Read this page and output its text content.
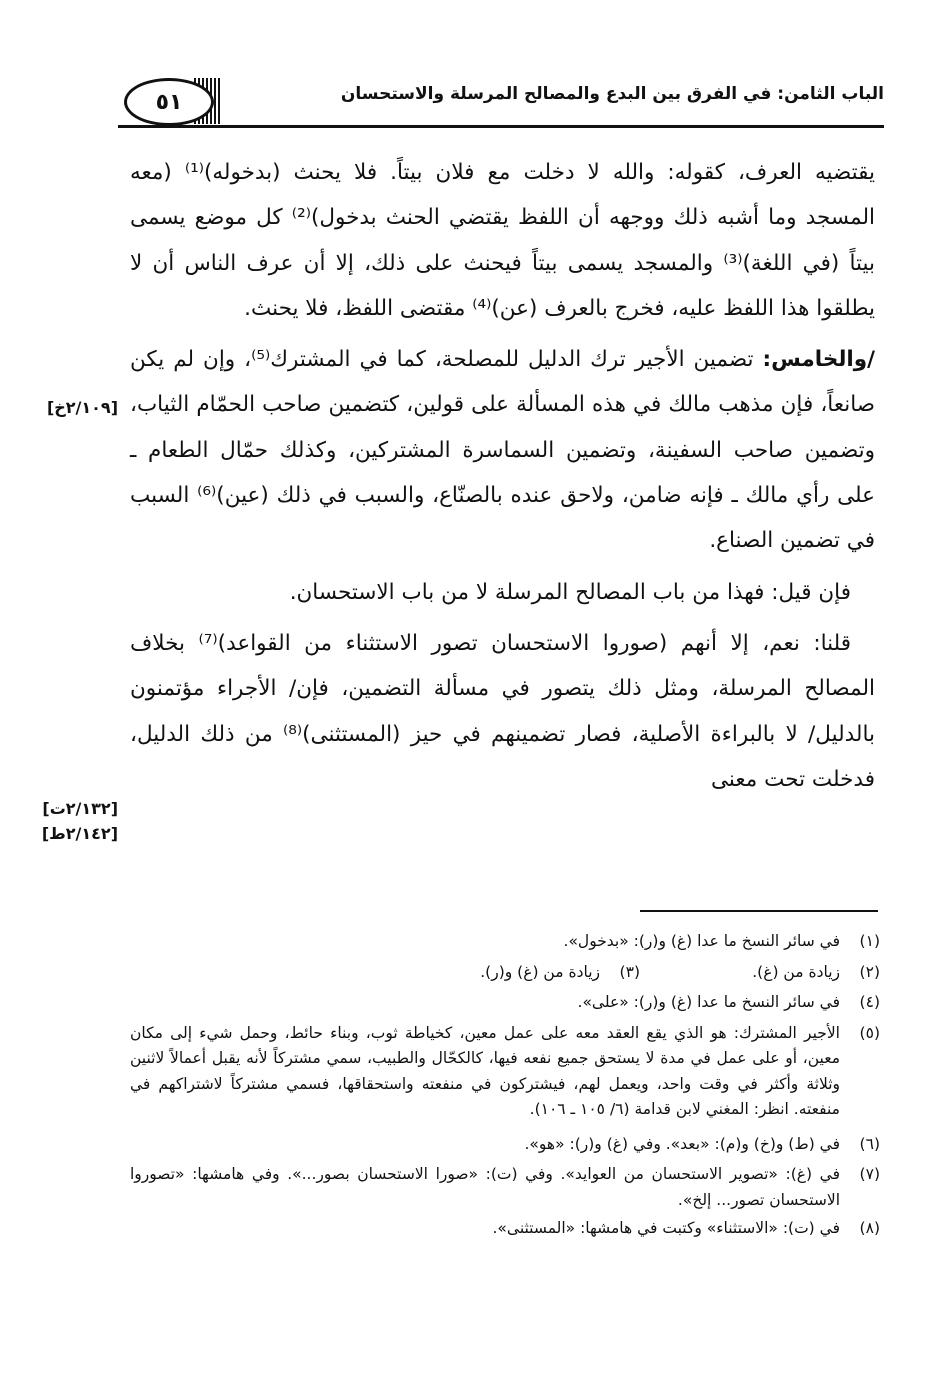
٥١	الباب الثامن: في الفرق بين البدع والمصالح المرسلة والاستحسان

يقتضيه العرف، كقوله: والله لا دخلت مع فلان بيتاً. فلا يحنث (بدخوله)⁽¹⁾ (معه المسجد وما أشبه ذلك ووجهه أن اللفظ يقتضي الحنث بدخول)⁽²⁾ كل موضع يسمى بيتاً (في اللغة)⁽³⁾ والمسجد يسمى بيتاً فيحنث على ذلك، إلا أن عرف الناس أن لا يطلقوا هذا اللفظ عليه، فخرج بالعرف (عن)⁽⁴⁾ مقتضى اللفظ، فلا يحنث.

/والخامس: تضمين الأجير ترك الدليل للمصلحة، كما في المشترك⁽⁵⁾، وإن لم يكن صانعاً، فإن مذهب مالك في هذه المسألة على قولين، كتضمين صاحب الحمّام الثياب، وتضمين صاحب السفينة، وتضمين السماسرة المشتركين، وكذلك حمّال الطعام ـ على رأي مالك ـ فإنه ضامن، ولاحق عنده بالصنّاع، والسبب في ذلك (عين)⁽⁶⁾ السبب في تضمين الصناع.

فإن قيل: فهذا من باب المصالح المرسلة لا من باب الاستحسان.

قلنا: نعم، إلا أنهم (صوروا الاستحسان تصور الاستثناء من القواعد)⁽⁷⁾ بخلاف المصالح المرسلة، ومثل ذلك يتصور في مسألة التضمين، فإن/ الأجراء مؤتمنون بالدليل/ لا بالبراءة الأصلية، فصار تضمينهم في حيز (المستثنى)⁽⁸⁾ من ذلك الدليل، فدخلت تحت معنى

[٢/١٠٩خ]
[٢/١٣٢ت]
[٢/١٤٢ط]
(١)
في سائر النسخ ما عدا (غ) و(ر): «بدخول».
(٢)
زيادة من (غ).
(٣)
زيادة من (غ) و(ر).
(٤)
في سائر النسخ ما عدا (غ) و(ر): «على».
(٥)
الأجير المشترك: هو الذي يقع العقد معه على عمل معين، كخياطة ثوب، وبناء حائط، وحمل شيء إلى مكان معين، أو على عمل في مدة لا يستحق جميع نفعه فيها، كالكحّال والطبيب، سمي مشتركاً لأنه يقبل أعمالاً لاثنين وثلاثة وأكثر في وقت واحد، ويعمل لهم، فيشتركون في منفعته واستحقاقها، فسمي مشتركاً لاشتراكهم في منفعته. انظر: المغني لابن قدامة (٦/ ١٠٥ ـ ١٠٦).
(٦)
في (ط) و(خ) و(م): «بعد». وفي (غ) و(ر): «هو».
(٧)
في (غ): «تصوير الاستحسان من العوايد». وفي (ت): «صورا الاستحسان بصور...». وفي هامشها: «تصوروا الاستحسان تصور... إلخ».
(٨)
في (ت): «الاستثناء» وكتبت في هامشها: «المستثنى».
